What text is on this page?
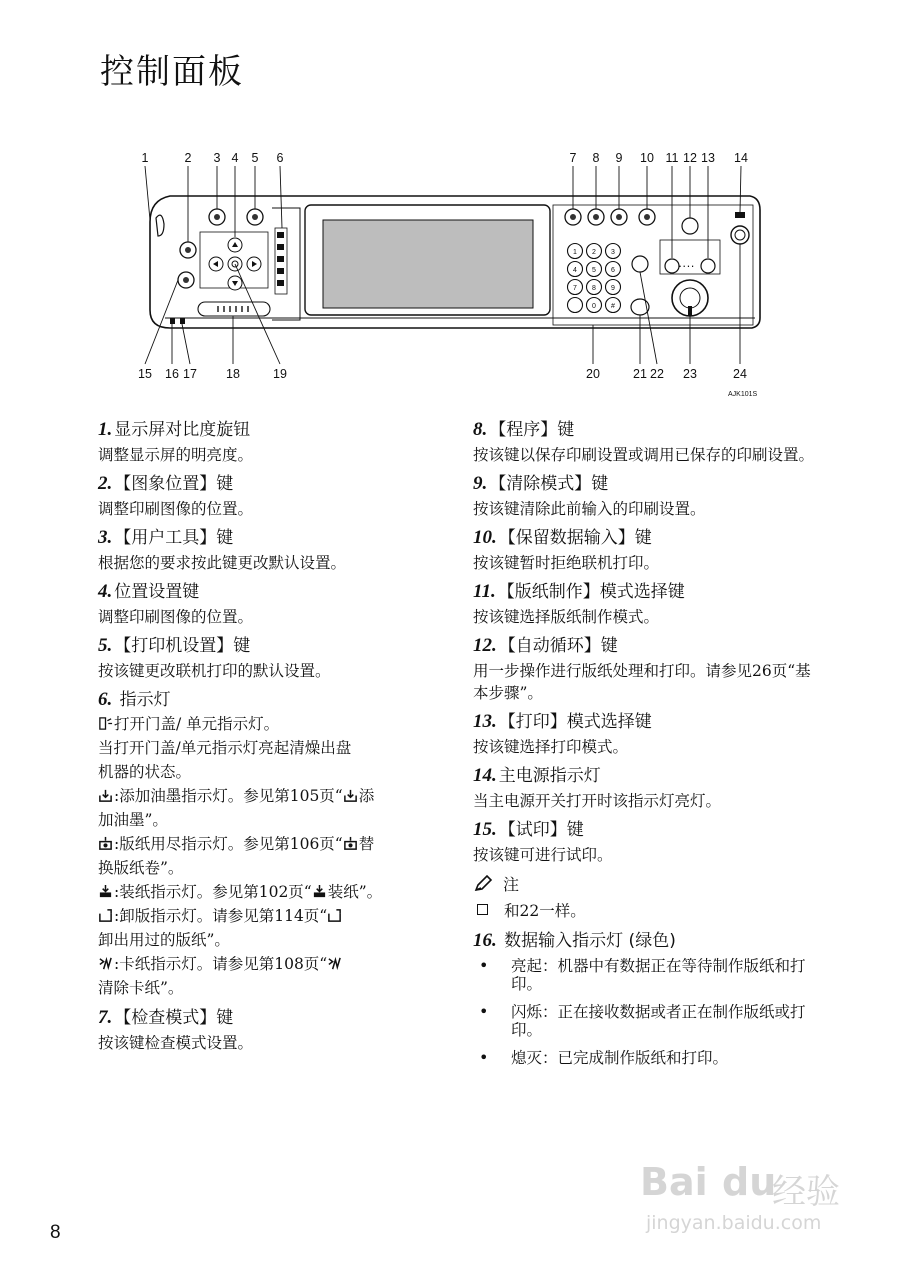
控制面板
1 2 3
4 5 6
7 8 9
0 #
····
1	2 3 4 5 6	7 8 9 10 11 12 13 14
15 16 17 18	19	20	21 22 23	24
AJK101S

1. 显示屏对比度旋钮

调整显示屏的明亮度。

2. 【图象位置】键

调整印刷图像的位置。

3. 【用户工具】键

根据您的要求按此键更改默认设置。

4. 位置设置键

调整印刷图像的位置。

5. 【打印机设置】键

按该键更改联机打印的默认设置。

6. 指示灯

打开门盖/ 单元指示灯。

当打开门盖/单元指示灯亮起清燥出盘

机器的状态。

:添加油墨指示灯。参见第105页“ 添

加油墨”。

:版纸用尽指示灯。参见第106页“ 替

换版纸卷”。

:装纸指示灯。参见第102页“ 装纸”。

:卸版指示灯。请参见第114页“

卸出用过的版纸”。

:卡纸指示灯。请参见第108页“

清除卡纸”。

7. 【检查模式】键

按该键检查模式设置。

8. 【程序】键

按该键以保存印刷设置或调用已保存的印刷设置。

9. 【清除模式】键

按该键清除此前输入的印刷设置。

10. 【保留数据输入】键

按该键暂时拒绝联机打印。

11. 【版纸制作】模式选择键

按该键选择版纸制作模式。

12. 【自动循环】键

用一步操作进行版纸处理和打印。请参见26页“基本步骤”。

13. 【打印】模式选择键

按该键选择打印模式。

14. 主电源指示灯

当主电源开关打开时该指示灯亮灯。

15. 【试印】键

按该键可进行试印。

注

和22一样。

16. 数据输入指示灯 (绿色)

• 亮起：机器中有数据正在等待制作版纸和打印。
• 闪烁：正在接收数据或者正在制作版纸或打印。
• 熄灭：已完成制作版纸和打印。
8
Bai du
经验
jingyan.baidu.com
